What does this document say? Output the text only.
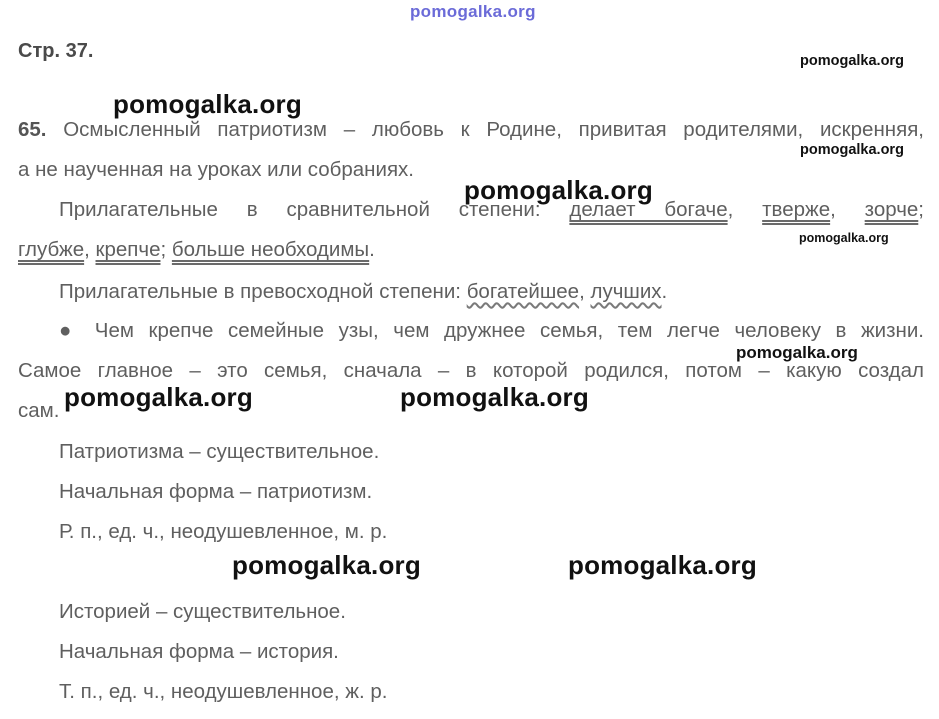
pomogalka.org
Стр. 37.	pomogalka.org
pomogalka.org
65. Осмысленный патриотизм – любовь к Родине, привитая родителями, искренняя,
pomogalka.org
а не наученная на уроках или собраниях.
pomogalka.org
Прилагательные в сравнительной степени: делает богаче, тверже, зорче;
pomogalka.org
глубже, крепче; больше необходимы.
Прилагательные в превосходной степени: богатейшее, лучших.
● Чем крепче семейные узы, чем дружнее семья, тем легче человеку в жизни.
pomogalka.org
Самое главное – это семья, сначала – в которой родился, потом – какую создал
pomogalka.org	pomogalka.org
сам.
Патриотизма – существительное.
Начальная форма – патриотизм.
Р. п., ед. ч., неодушевленное, м. р.
pomogalka.org	pomogalka.org
Историей – существительное.
Начальная форма – история.
Т. п., ед. ч., неодушевленное, ж. р.
